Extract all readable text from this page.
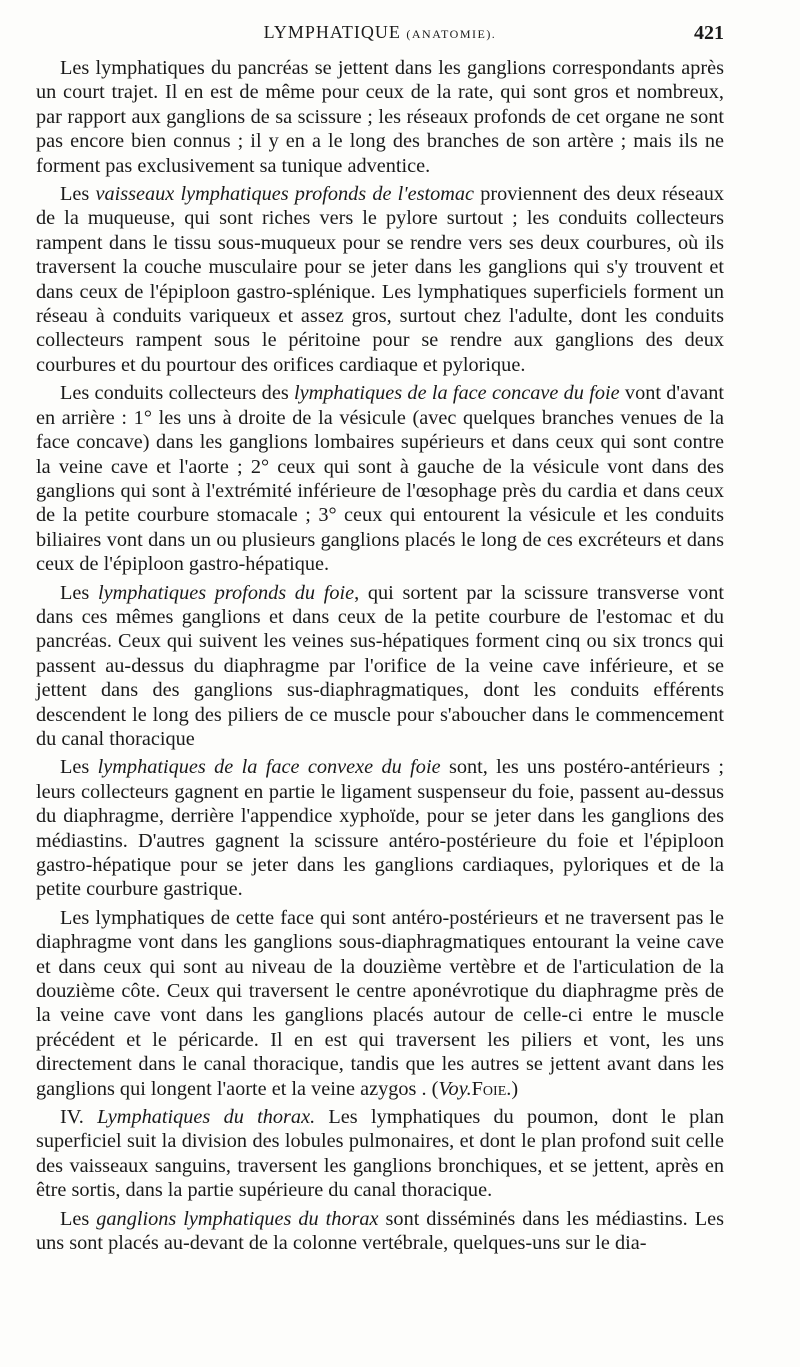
LYMPHATIQUE (ANATOMIE).	421

Les lymphatiques du pancréas se jettent dans les ganglions correspondants après un court trajet. Il en est de même pour ceux de la rate, qui sont gros et nombreux, par rapport aux ganglions de sa scissure ; les réseaux profonds de cet organe ne sont pas encore bien connus ; il y en a le long des branches de son artère ; mais ils ne forment pas exclusivement sa tunique adventice.

Les vaisseaux lymphatiques profonds de l'estomac proviennent des deux réseaux de la muqueuse, qui sont riches vers le pylore surtout ; les conduits collecteurs rampent dans le tissu sous-muqueux pour se rendre vers ses deux courbures, où ils traversent la couche musculaire pour se jeter dans les ganglions qui s'y trouvent et dans ceux de l'épiploon gastro-splénique. Les lymphatiques superficiels forment un réseau à conduits variqueux et assez gros, surtout chez l'adulte, dont les conduits collecteurs rampent sous le péritoine pour se rendre aux ganglions des deux courbures et du pourtour des orifices cardiaque et pylorique.

Les conduits collecteurs des lymphatiques de la face concave du foie vont d'avant en arrière : 1° les uns à droite de la vésicule (avec quelques branches venues de la face concave) dans les ganglions lombaires supérieurs et dans ceux qui sont contre la veine cave et l'aorte ; 2° ceux qui sont à gauche de la vésicule vont dans des ganglions qui sont à l'extrémité inférieure de l'œsophage près du cardia et dans ceux de la petite courbure stomacale ; 3° ceux qui entourent la vésicule et les conduits biliaires vont dans un ou plusieurs ganglions placés le long de ces excréteurs et dans ceux de l'épiploon gastro-hépatique.

Les lymphatiques profonds du foie, qui sortent par la scissure transverse vont dans ces mêmes ganglions et dans ceux de la petite courbure de l'estomac et du pancréas. Ceux qui suivent les veines sus-hépatiques forment cinq ou six troncs qui passent au-dessus du diaphragme par l'orifice de la veine cave inférieure, et se jettent dans des ganglions sus-diaphragmatiques, dont les conduits efférents descendent le long des piliers de ce muscle pour s'aboucher dans le commencement du canal thoracique

Les lymphatiques de la face convexe du foie sont, les uns postéro-antérieurs ; leurs collecteurs gagnent en partie le ligament suspenseur du foie, passent au-dessus du diaphragme, derrière l'appendice xyphoïde, pour se jeter dans les ganglions des médiastins. D'autres gagnent la scissure antéro-postérieure du foie et l'épiploon gastro-hépatique pour se jeter dans les ganglions cardiaques, pyloriques et de la petite courbure gastrique.

Les lymphatiques de cette face qui sont antéro-postérieurs et ne traversent pas le diaphragme vont dans les ganglions sous-diaphragmatiques entourant la veine cave et dans ceux qui sont au niveau de la douzième vertèbre et de l'articulation de la douzième côte. Ceux qui traversent le centre aponévrotique du diaphragme près de la veine cave vont dans les ganglions placés autour de celle-ci entre le muscle précédent et le péricarde. Il en est qui traversent les piliers et vont, les uns directement dans le canal thoracique, tandis que les autres se jettent avant dans les ganglions qui longent l'aorte et la veine azygos . (Voy.Foie.)

IV. Lymphatiques du thorax. Les lymphatiques du poumon, dont le plan superficiel suit la division des lobules pulmonaires, et dont le plan profond suit celle des vaisseaux sanguins, traversent les ganglions bronchiques, et se jettent, après en être sortis, dans la partie supérieure du canal thoracique.

Les ganglions lymphatiques du thorax sont disséminés dans les médiastins. Les uns sont placés au-devant de la colonne vertébrale, quelques-uns sur le dia-
